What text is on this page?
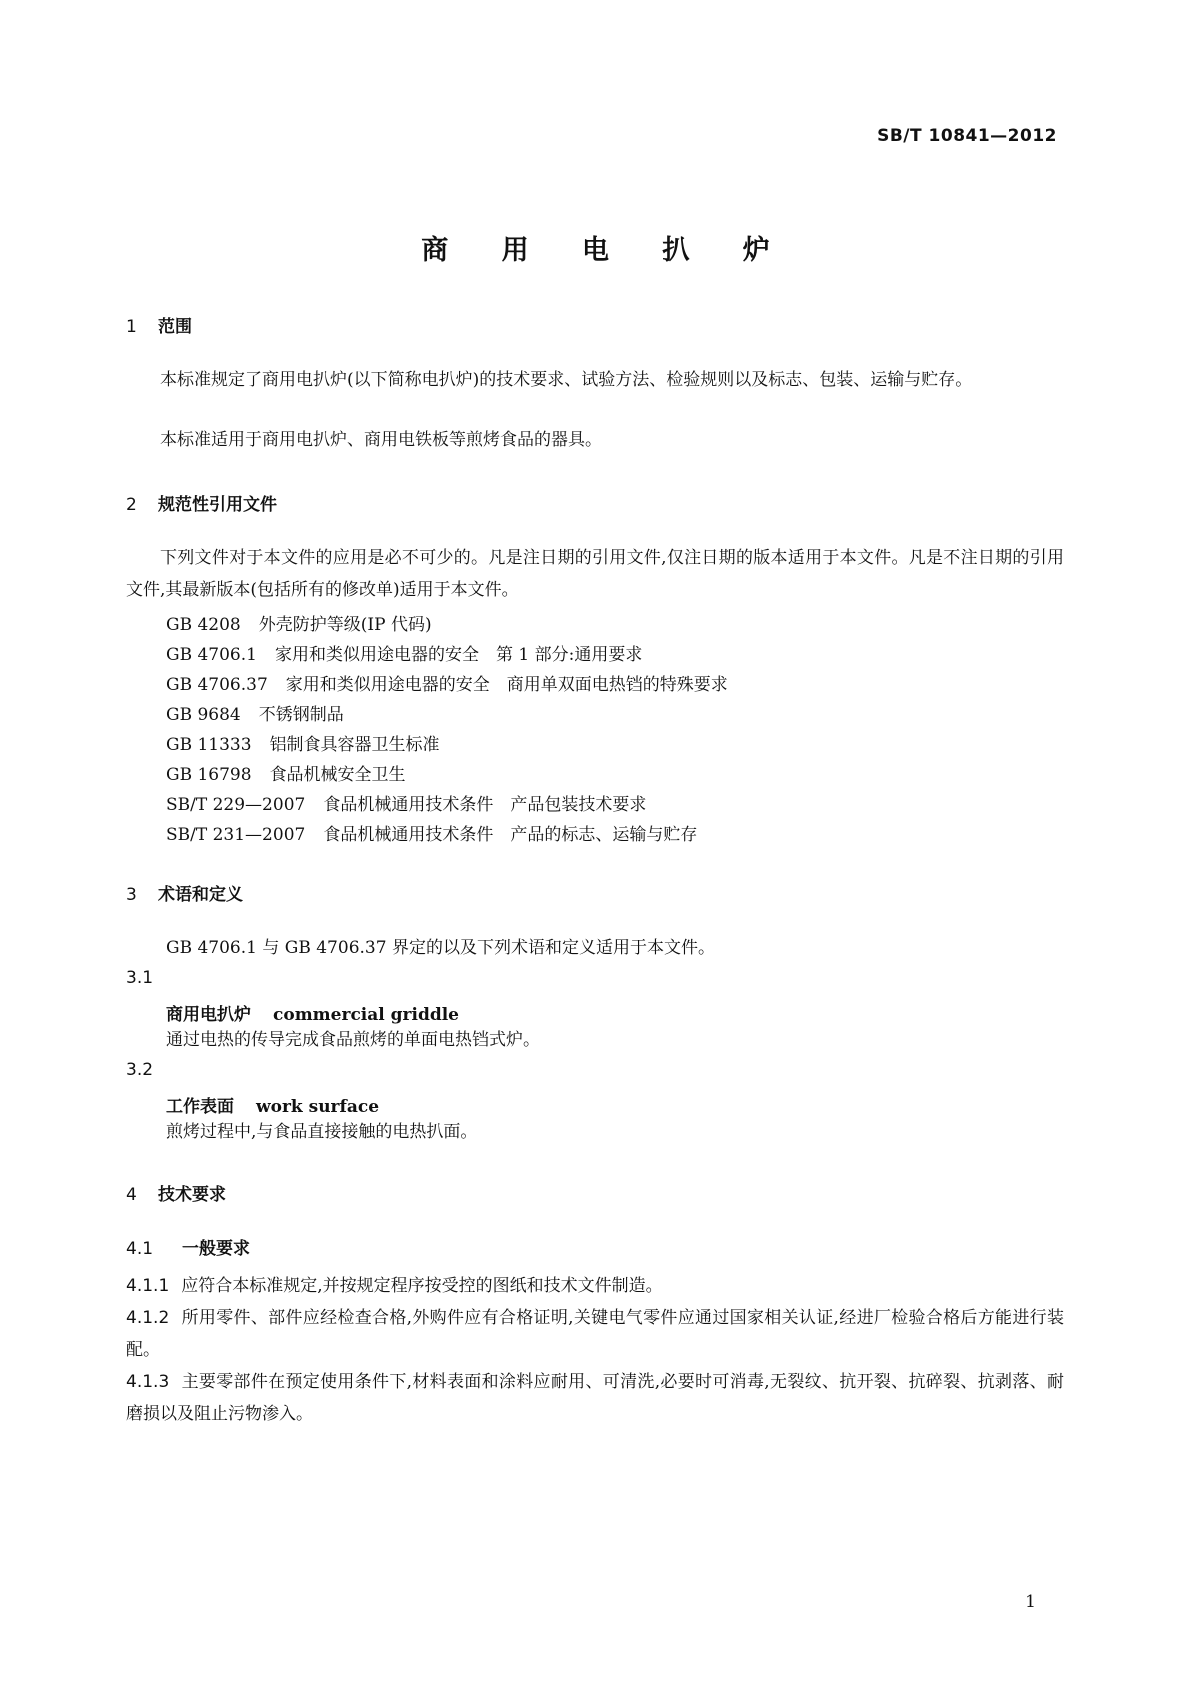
SB/T 10841—2012
商 用 电 扒 炉
1 范围
本标准规定了商用电扒炉(以下简称电扒炉)的技术要求、试验方法、检验规则以及标志、包装、运输与贮存。
本标准适用于商用电扒炉、商用电铁板等煎烤食品的器具。
2 规范性引用文件
下列文件对于本文件的应用是必不可少的。凡是注日期的引用文件,仅注日期的版本适用于本文件。凡是不注日期的引用文件,其最新版本(包括所有的修改单)适用于本文件。
GB 4208 外壳防护等级(IP 代码)
GB 4706.1 家用和类似用途电器的安全　第 1 部分:通用要求
GB 4706.37 家用和类似用途电器的安全　商用单双面电热铛的特殊要求
GB 9684 不锈钢制品
GB 11333 铝制食具容器卫生标准
GB 16798 食品机械安全卫生
SB/T 229—2007 食品机械通用技术条件　产品包装技术要求
SB/T 231—2007 食品机械通用技术条件　产品的标志、运输与贮存
3 术语和定义
GB 4706.1 与 GB 4706.37 界定的以及下列术语和定义适用于本文件。
3.1
商用电扒炉 commercial griddle
通过电热的传导完成食品煎烤的单面电热铛式炉。
3.2
工作表面 work surface
煎烤过程中,与食品直接接触的电热扒面。
4 技术要求
4.1 一般要求
4.1.1 应符合本标准规定,并按规定程序按受控的图纸和技术文件制造。
4.1.2 所用零件、部件应经检查合格,外购件应有合格证明,关键电气零件应通过国家相关认证,经进厂检验合格后方能进行装配。
4.1.3 主要零部件在预定使用条件下,材料表面和涂料应耐用、可清洗,必要时可消毒,无裂纹、抗开裂、抗碎裂、抗剥落、耐磨损以及阻止污物渗入。
1
